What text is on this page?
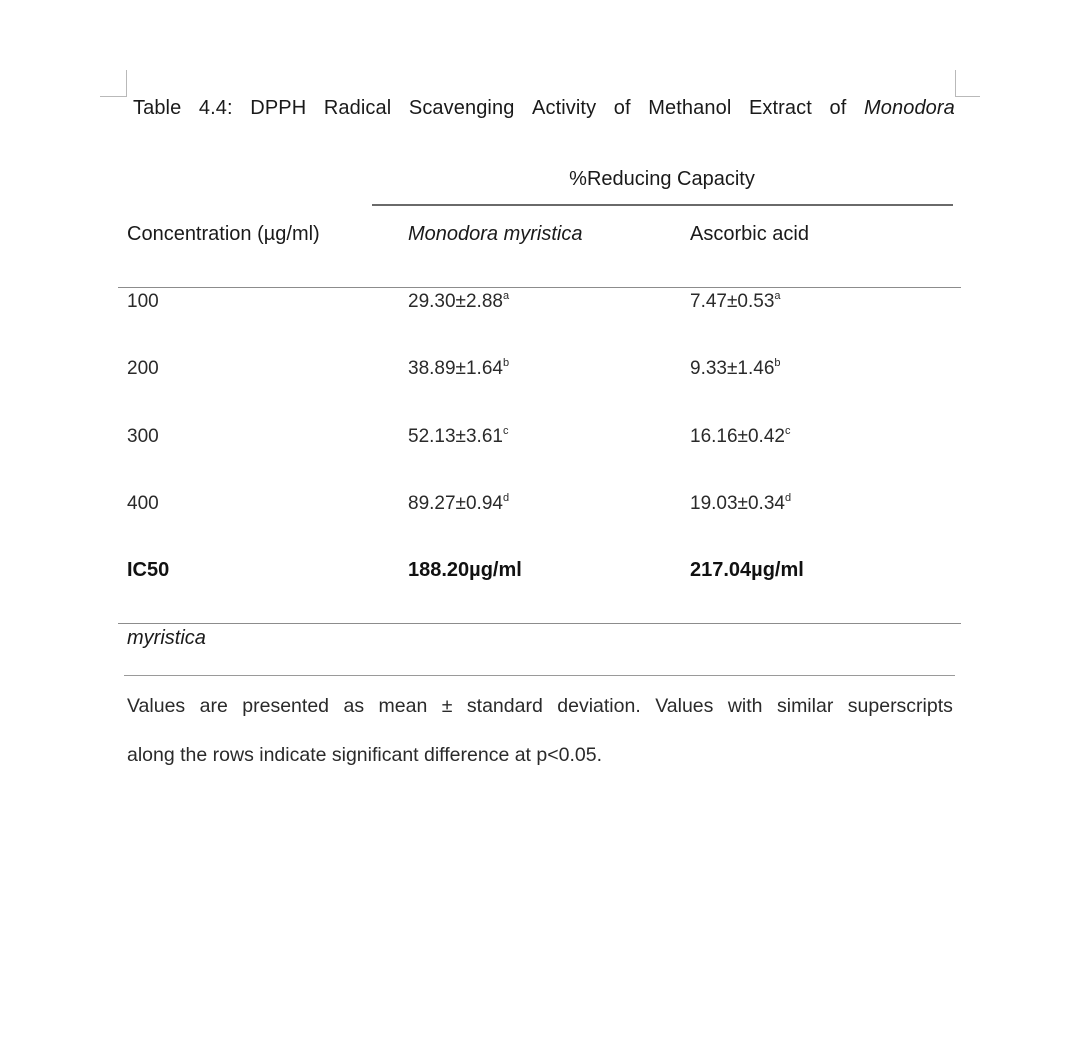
Table 4.4: DPPH Radical Scavenging Activity of Methanol Extract of Monodora
%Reducing Capacity
Concentration (µg/ml)	Monodora myristica	Ascorbic acid
100	29.30±2.88$^a$	7.47±0.53$^a$
200	38.89±1.64$^b$	9.33±1.46$^b$
300	52.13±3.61$^c$	16.16±0.42$^c$
400	89.27±0.94$^d$	19.03±0.34$^d$
IC50	188.20µg/ml	217.04µg/ml
myristica
Values are presented as mean ± standard deviation. Values with similar superscripts
along the rows indicate significant difference at p<0.05.
